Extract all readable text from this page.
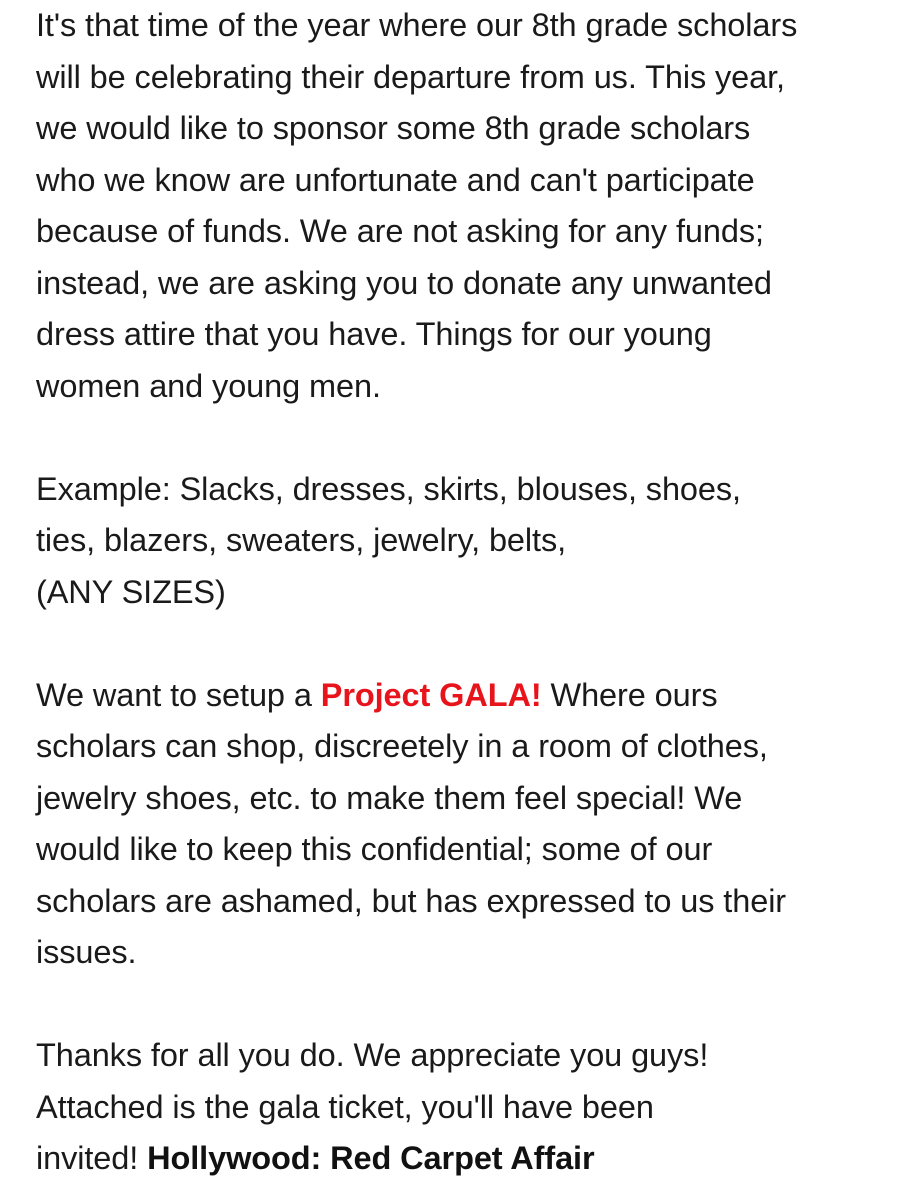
It's that time of the year where our 8th grade scholars
will be celebrating their departure from us. This year,
we would like to sponsor some 8th grade scholars
who we know are unfortunate and can't participate
because of funds. We are not asking for any funds;
instead, we are asking you to donate any unwanted
dress attire that you have. Things for our young
women and young men.
Example: Slacks, dresses, skirts, blouses, shoes,
ties, blazers, sweaters, jewelry, belts,
(ANY SIZES)
We want to setup a Project GALA! Where ours
scholars can shop, discreetely in a room of clothes,
jewelry shoes, etc. to make them feel special! We
would like to keep this confidential; some of our
scholars are ashamed, but has expressed to us their
issues.
Thanks for all you do. We appreciate you guys!
Attached is the gala ticket, you'll have been
invited! Hollywood: Red Carpet Affair
